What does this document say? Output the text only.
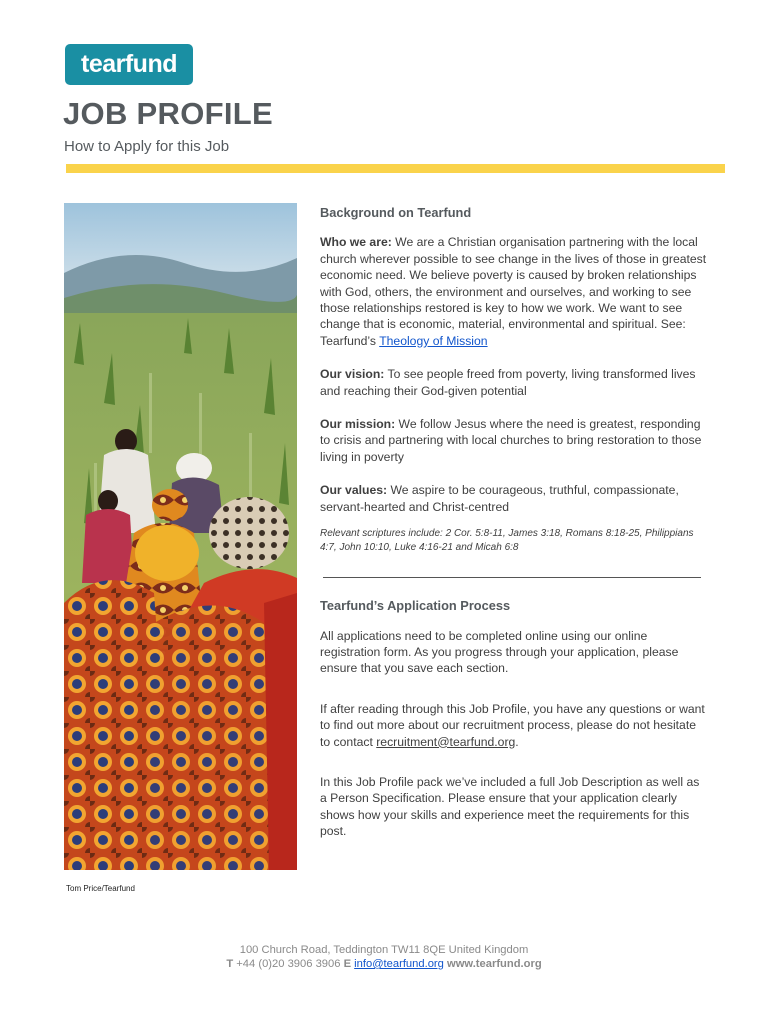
tearfund
JOB PROFILE
How to Apply for this Job
Tom Price/Tearfund
Background on Tearfund

Who we are: We are a Christian organisation partnering with the local church wherever possible to see change in the lives of those in greatest economic need. We believe poverty is caused by broken relationships with God, others, the environment and ourselves, and working to see those relationships restored is key to how we work. We want to see change that is economic, material, environmental and spiritual. See: Tearfund’s Theology of Mission

Our vision: To see people freed from poverty, living transformed lives and reaching their God-given potential

Our mission: We follow Jesus where the need is greatest, responding to crisis and partnering with local churches to bring restoration to those living in poverty

Our values: We aspire to be courageous, truthful, compassionate, servant-hearted and Christ-centred

Relevant scriptures include: 2 Cor. 5:8-11, James 3:18, Romans 8:18-25, Philippians 4:7, John 10:10, Luke 4:16-21 and Micah 6:8

Tearfund’s Application Process

All applications need to be completed online using our online registration form. As you progress through your application, please ensure that you save each section.

If after reading through this Job Profile, you have any questions or want to find out more about our recruitment process, please do not hesitate to contact recruitment@tearfund.org.

In this Job Profile pack we’ve included a full Job Description as well as a Person Specification. Please ensure that your application clearly shows how your skills and experience meet the requirements for this post.

100 Church Road, Teddington TW11 8QE United Kingdom
T +44 (0)20 3906 3906 E info@tearfund.org www.tearfund.org
